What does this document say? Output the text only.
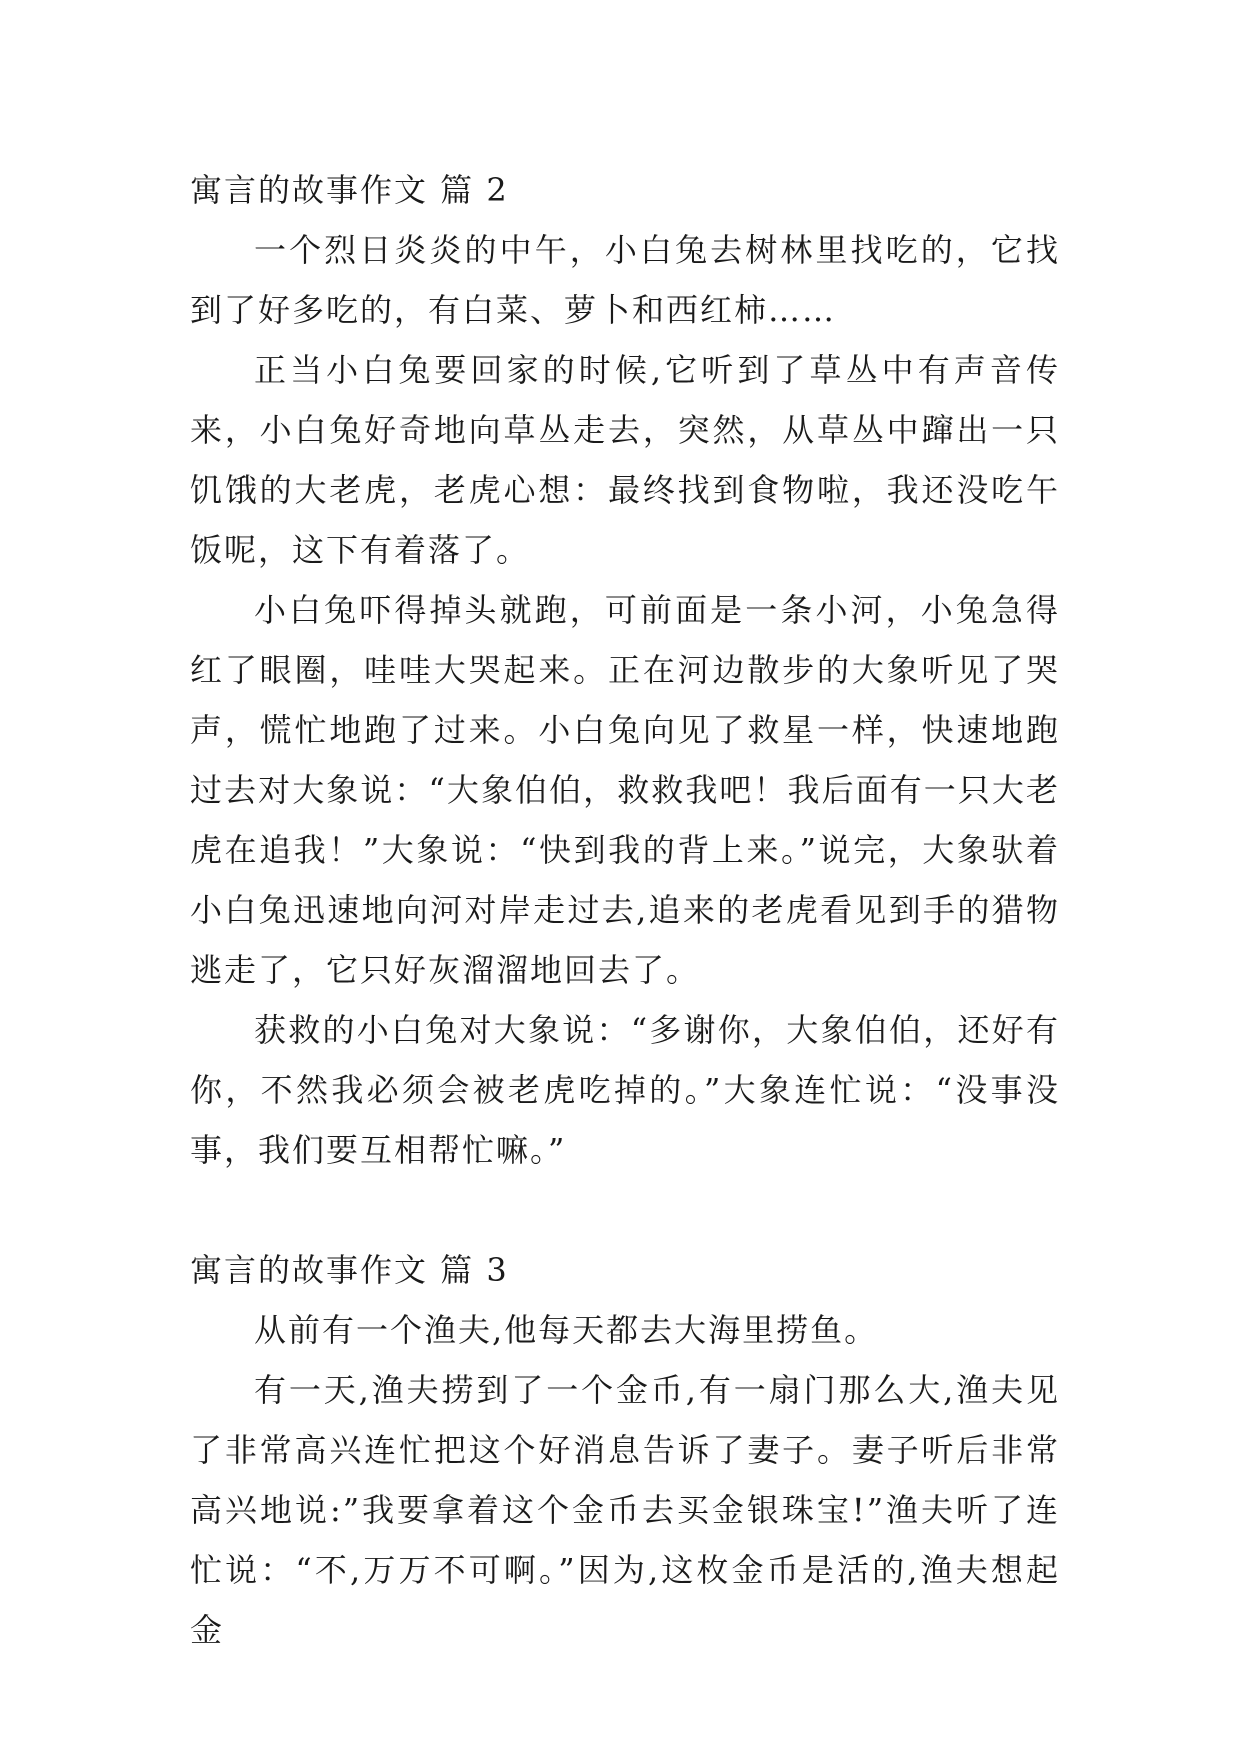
寓言的故事作文 篇 2

一个烈日炎炎的中午，小白兔去树林里找吃的，它找到了好多吃的，有白菜、萝卜和西红柿……

正当小白兔要回家的时候,它听到了草丛中有声音传来，小白兔好奇地向草丛走去，突然，从草丛中蹿出一只饥饿的大老虎，老虎心想：最终找到食物啦，我还没吃午饭呢，这下有着落了。

小白兔吓得掉头就跑，可前面是一条小河，小兔急得红了眼圈，哇哇大哭起来。正在河边散步的大象听见了哭声，慌忙地跑了过来。小白兔向见了救星一样，快速地跑过去对大象说：“大象伯伯，救救我吧！我后面有一只大老虎在追我！”大象说：“快到我的背上来。”说完，大象驮着小白兔迅速地向河对岸走过去,追来的老虎看见到手的猎物逃走了，它只好灰溜溜地回去了。

获救的小白兔对大象说：“多谢你，大象伯伯，还好有你，不然我必须会被老虎吃掉的。”大象连忙说：“没事没事，我们要互相帮忙嘛。”

寓言的故事作文 篇 3

从前有一个渔夫,他每天都去大海里捞鱼。

有一天,渔夫捞到了一个金币,有一扇门那么大,渔夫见了非常高兴连忙把这个好消息告诉了妻子。妻子听后非常高兴地说:”我要拿着这个金币去买金银珠宝!”渔夫听了连忙说：“不,万万不可啊。”因为,这枚金币是活的,渔夫想起金
